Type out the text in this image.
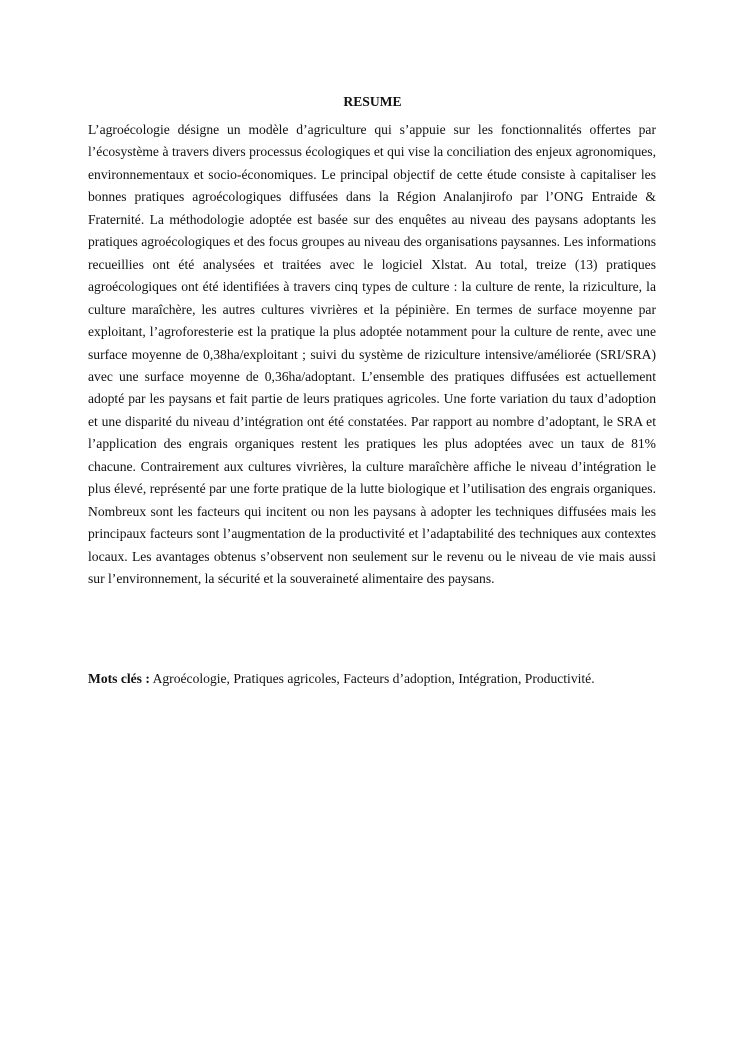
RESUME

L’agroécologie désigne un modèle d’agriculture qui s’appuie sur les fonctionnalités offertes par l’écosystème à travers divers processus écologiques et qui vise la conciliation des enjeux agronomiques, environnementaux et socio-économiques. Le principal objectif de cette étude consiste à capitaliser les bonnes pratiques agroécologiques diffusées dans la Région Analanjirofo par l’ONG Entraide & Fraternité. La méthodologie adoptée est basée sur des enquêtes au niveau des paysans adoptants les pratiques agroécologiques et des focus groupes au niveau des organisations paysannes. Les informations recueillies ont été analysées et traitées avec le logiciel Xlstat. Au total, treize (13) pratiques agroécologiques ont été identifiées à travers cinq types de culture : la culture de rente, la riziculture, la culture maraîchère, les autres cultures vivrières et la pépinière. En termes de surface moyenne par exploitant, l’agroforesterie est la pratique la plus adoptée notamment pour la culture de rente, avec une surface moyenne de 0,38ha/exploitant ; suivi du système de riziculture intensive/améliorée (SRI/SRA) avec une surface moyenne de 0,36ha/adoptant. L’ensemble des pratiques diffusées est actuellement adopté par les paysans et fait partie de leurs pratiques agricoles. Une forte variation du taux d’adoption et une disparité du niveau d’intégration ont été constatées. Par rapport au nombre d’adoptant, le SRA et l’application des engrais organiques restent les pratiques les plus adoptées avec un taux de 81% chacune. Contrairement aux cultures vivrières, la culture maraîchère affiche le niveau d’intégration le plus élevé, représenté par une forte pratique de la lutte biologique et l’utilisation des engrais organiques. Nombreux sont les facteurs qui incitent ou non les paysans à adopter les techniques diffusées mais les principaux facteurs sont l’augmentation de la productivité et l’adaptabilité des techniques aux contextes locaux. Les avantages obtenus s’observent non seulement sur le revenu ou le niveau de vie mais aussi sur l’environnement, la sécurité et la souveraineté alimentaire des paysans.

Mots clés : Agroécologie, Pratiques agricoles, Facteurs d’adoption, Intégration, Productivité.
